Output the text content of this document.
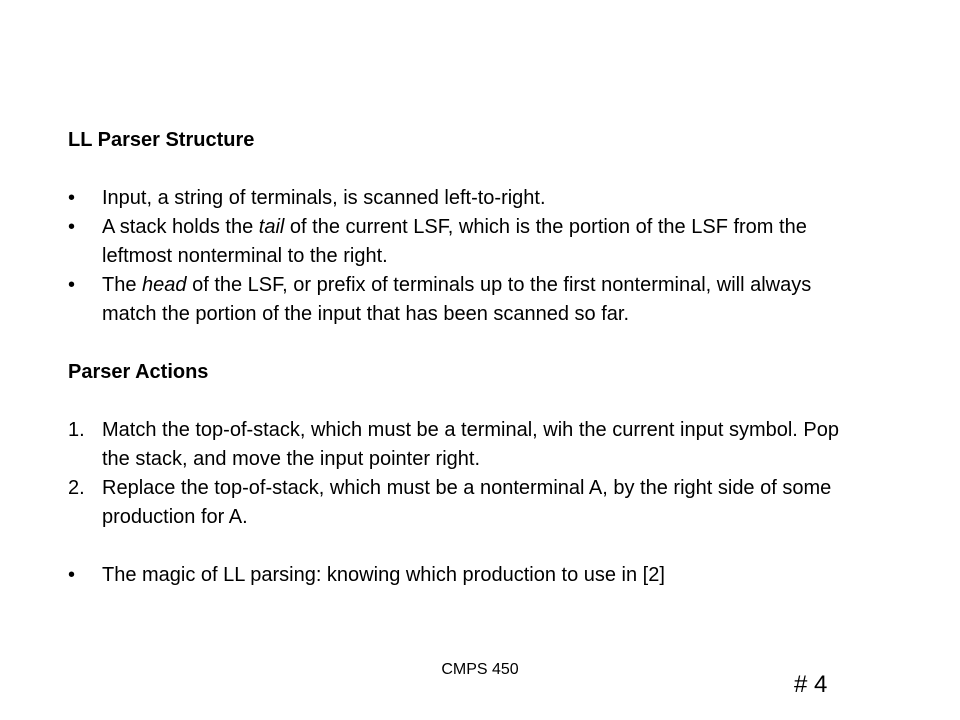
LL Parser Structure
•	Input, a string of terminals, is scanned left-to-right.
•	A stack holds the tail of the current LSF, which is the portion of the LSF from the leftmost nonterminal to the right.
•	The head of the LSF, or prefix of terminals up to the first nonterminal, will always match the portion of the input that has been scanned so far.
Parser Actions
1. Match the top-of-stack, which must be a terminal, wih the current input symbol. Pop the stack, and move the input pointer right.
2. Replace the top-of-stack, which must be a nonterminal A, by the right side of some production for A.
•	The magic of LL parsing: knowing which production to use in [2]
CMPS 450
# 4
